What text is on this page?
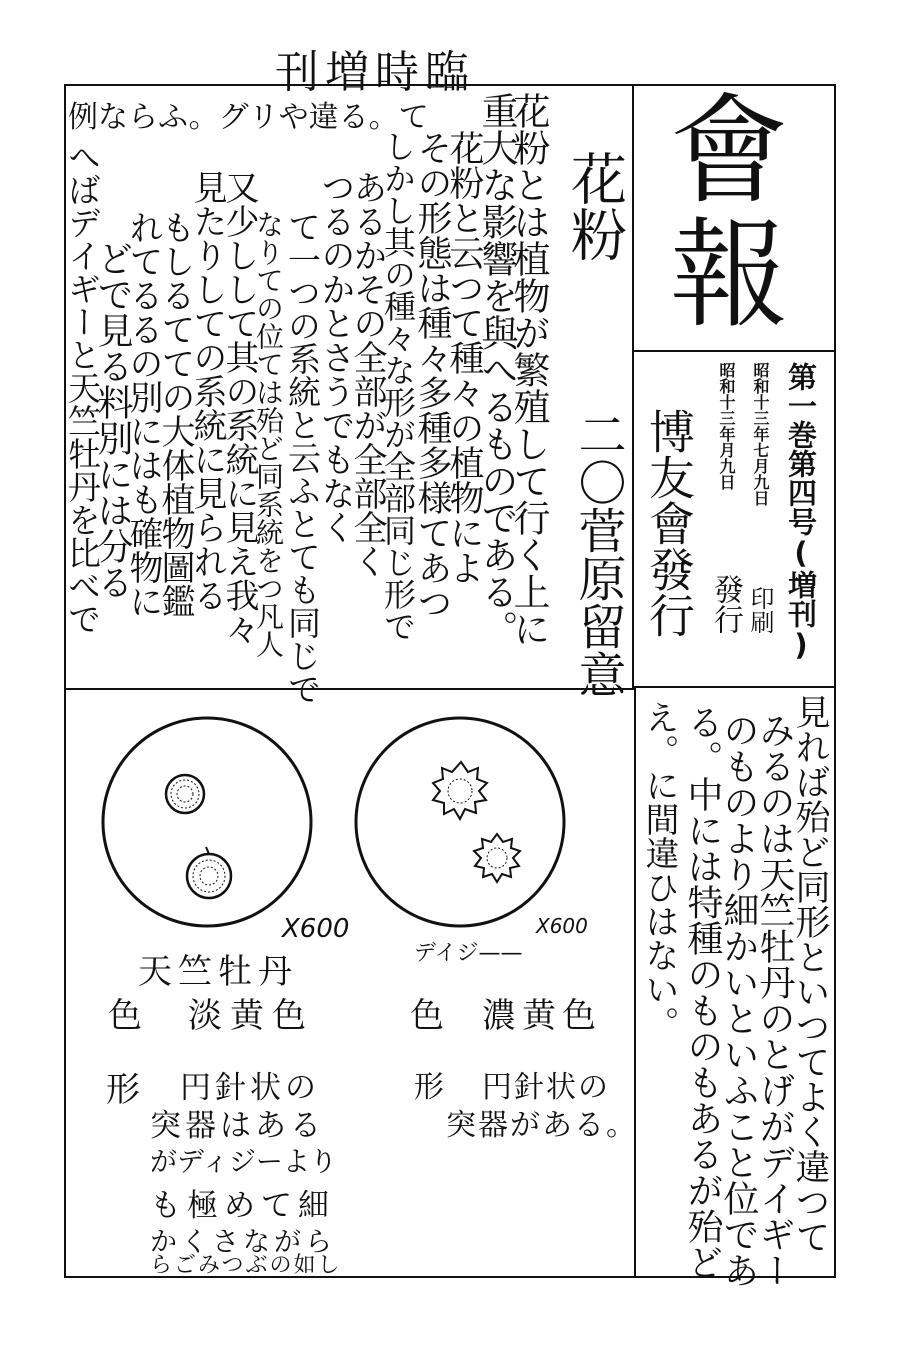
刊増時臨
會
報
第一巻第四号(増刊)
昭和十三年七月九日
昭和十三年月九日
印刷
發行
博友會發行
花粉
二〇菅原留意
花粉とは植物が繁殖して行く上に
重大な影響を與へるものである。
花粉と云つて種々の植物によ
その形態は種々多種多様てあつ
しかし其の種々な形が全部同じ形で
あるかその全部が全部全く
つるのかとさうでもなく
て一つの系統と云ふとても同じで
なりての位ては殆ど同系統をつ凡人
又少しして其の系統に見え我々
見たりしての系統に見られる
もしるてての大体植物圖鑑
れてるるの別にはも確物に
どで見る料別には分る
へばデイギーと天竺牡丹を比べで
例ならふ。グリや違る。て
見れば殆ど同形といつてよく違つて
みるのは天竺牡丹のとげがデイギー
のものより細かいといふこと位であ
る。中には特種のものもあるが殆ど
え。に間違ひはない。
X600	X600
天竺牡丹
色 淡黄色
形 円針状の
突器はある
がディジーより
も極めて細
かくさながら
らごみつぶの如し
デイジ——
色 濃黄色
形 円針状の
突器がある。
